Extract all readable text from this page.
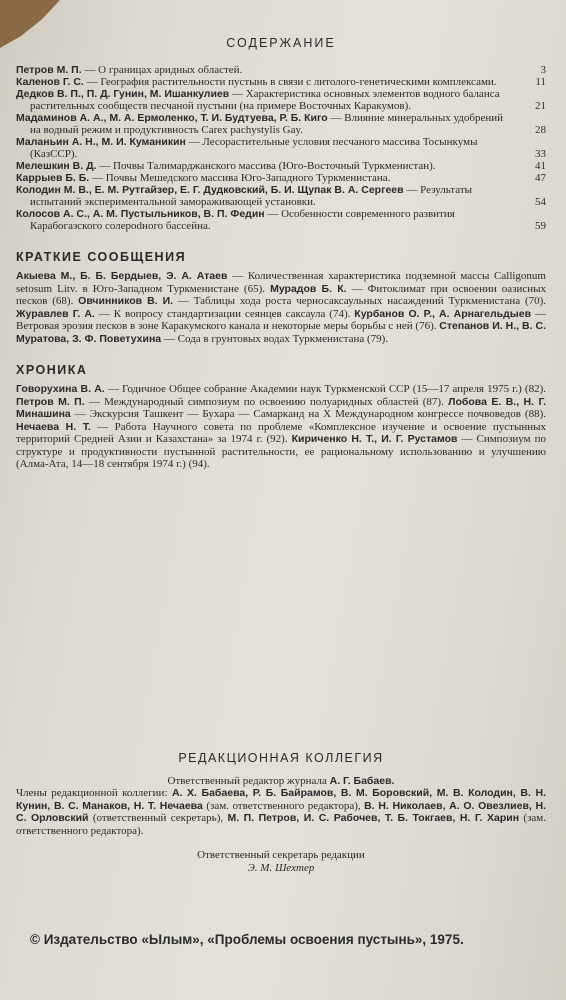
СОДЕРЖАНИЕ
Петров М. П. — О границах аридных областей.	3
Каленов Г. С. — География растительности пустынь в связи с литолого-генетическими комплексами.	11
Дедков В. П., П. Д. Гунин, М. Ишанкулиев — Характеристика основных элементов водного баланса растительных сообществ песчаной пустыни (на примере Восточных Каракумов).	21
Мадаминов А. А., М. А. Ермоленко, Т. И. Будтуева, Р. Б. Киго — Влияние минеральных удобрений на водный режим и продуктивность Carex pachystylis Gay.	28
Маланьин А. Н., М. И. Куманикин — Лесорастительные условия песчаного массива Тосынкумы (КазССР).	33
Мелешкин В. Д. — Почвы Талимарджанского массива (Юго-Восточный Туркменистан).	41
Каррыев Б. Б. — Почвы Мешедского массива Юго-Западного Туркменистана.	47
Колодин М. В., Е. М. Рутгайзер, Е. Г. Дудковский, Б. И. Щупак В. А. Сергеев — Результаты испытаний экспериментальной замораживающей установки.	54
Колосов А. С., А. М. Пустыльников, В. П. Федин — Особенности современного развития Карабогазского солерodного бассейна.	59
КРАТКИЕ СООБЩЕНИЯ
Акыева М., Б. Б. Бердыев, Э. А. Атаев — Количественная характеристика подземной массы Calligonum setosum Litv. в Юго-Западном Туркменистане (65). Мурадов Б. К. — Фитоклимат при освоении оазисных песков (68). Овчинников В. И. — Таблицы хода роста черносаксаульных насаждений Туркменистана (70). Журавлев Г. А. — К вопросу стандартизации сеянцев саксаула (74). Курбанов О. Р., А. Арнагельдыев — Ветровая эрозия песков в зоне Каракумского канала и некоторые меры борьбы с ней (76). Степанов И. Н., В. С. Муратова, З. Ф. Поветухина — Сода в грунтовых водах Туркменистана (79).
ХРОНИКА
Говорухина В. А. — Годичное Общее собрание Академии наук Туркменской ССР (15—17 апреля 1975 г.) (82). Петров М. П. — Международный симпозиум по освоению полуаридных областей (87). Лобова Е. В., Н. Г. Минашина — Экскурсия Ташкент — Бухара — Самарканд на X Международном конгрессе почвоведов (88). Нечаева Н. Т. — Работа Научного совета по проблеме «Комплексное изучение и освоение пустынных территорий Средней Азии и Казахстана» за 1974 г. (92). Кириченко Н. Т., И. Г. Рустамов — Симпозиум по структуре и продуктивности пустынной растительности, ее рациональному использованию и улучшению (Алма-Ата, 14—18 сентября 1974 г.) (94).
РЕДАКЦИОННАЯ КОЛЛЕГИЯ
Ответственный редактор журнала А. Г. Бабаев.
Члены редакционной коллегии: А. Х. Бабаева, Р. Б. Байрамов, В. М. Боровский, М. В. Колодин, В. Н. Кунин, В. С. Манаков, Н. Т. Нечаева (зам. ответственного редактора), В. Н. Николаев, А. О. Овезлиев, Н. С. Орловский (ответственный секретарь), М. П. Петров, И. С. Рабочев, Т. Б. Токгаев, Н. Г. Харин (зам. ответственного редактора).
Ответственный секретарь редакции
Э. М. Шехтер
© Издательство «Ылым», «Проблемы освоения пустынь», 1975.
